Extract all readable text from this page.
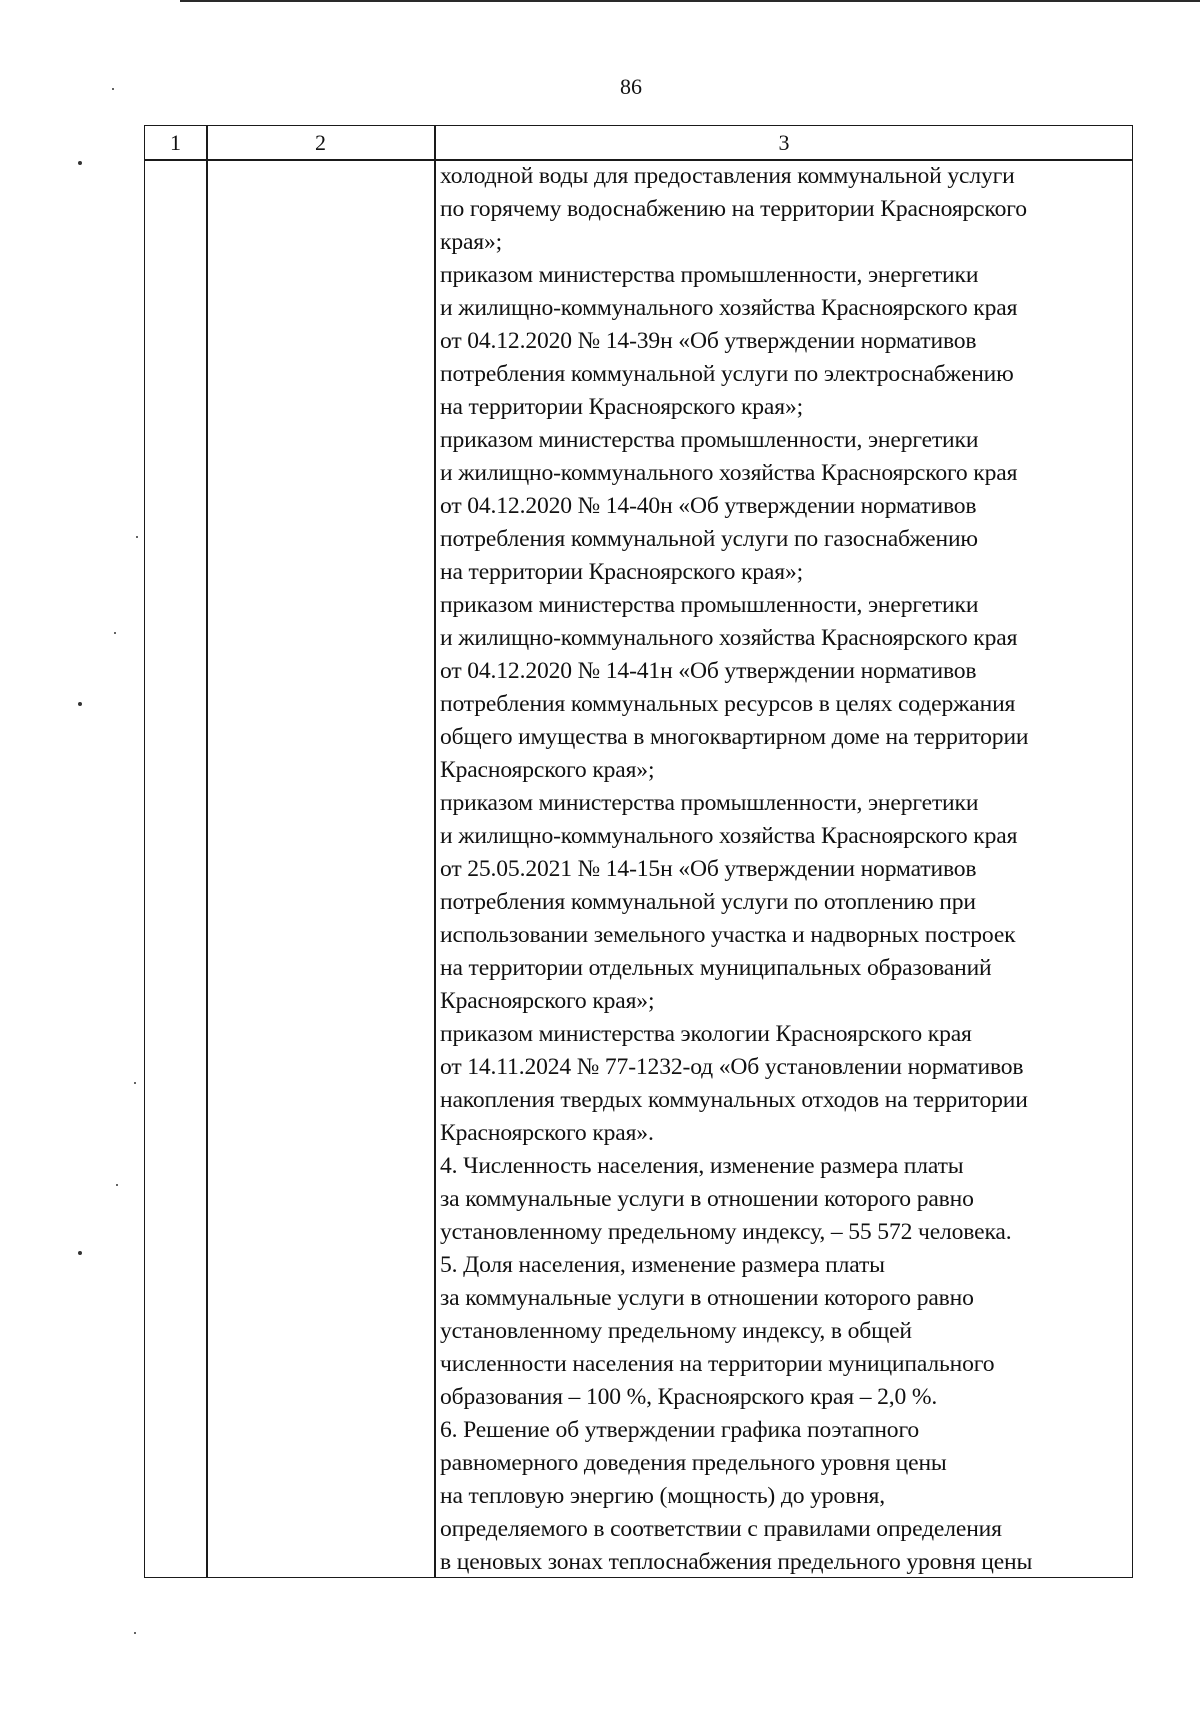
86
1	2	3
холодной воды для предоставления коммунальной услуги
по горячему водоснабжению на территории Красноярского
края»;
приказом министерства промышленности, энергетики
и жилищно-коммунального хозяйства Красноярского края
от 04.12.2020 № 14-39н «Об утверждении нормативов
потребления коммунальной услуги по электроснабжению
на территории Красноярского края»;
приказом министерства промышленности, энергетики
и жилищно-коммунального хозяйства Красноярского края
от 04.12.2020 № 14-40н «Об утверждении нормативов
потребления коммунальной услуги по газоснабжению
на территории Красноярского края»;
приказом министерства промышленности, энергетики
и жилищно-коммунального хозяйства Красноярского края
от 04.12.2020 № 14-41н «Об утверждении нормативов
потребления коммунальных ресурсов в целях содержания
общего имущества в многоквартирном доме на территории
Красноярского края»;
приказом министерства промышленности, энергетики
и жилищно-коммунального хозяйства Красноярского края
от 25.05.2021 № 14-15н «Об утверждении нормативов
потребления коммунальной услуги по отоплению при
использовании земельного участка и надворных построек
на территории отдельных муниципальных образований
Красноярского края»;
приказом министерства экологии Красноярского края
от 14.11.2024 № 77-1232-од «Об установлении нормативов
накопления твердых коммунальных отходов на территории
Красноярского края».
4. Численность населения, изменение размера платы
за коммунальные услуги в отношении которого равно
установленному предельному индексу, – 55 572 человека.
5. Доля населения, изменение размера платы
за коммунальные услуги в отношении которого равно
установленному предельному индексу, в общей
численности населения на территории муниципального
образования – 100 %, Красноярского края – 2,0 %.
6. Решение об утверждении графика поэтапного
равномерного доведения предельного уровня цены
на тепловую энергию (мощность) до уровня,
определяемого в соответствии с правилами определения
в ценовых зонах теплоснабжения предельного уровня цены
